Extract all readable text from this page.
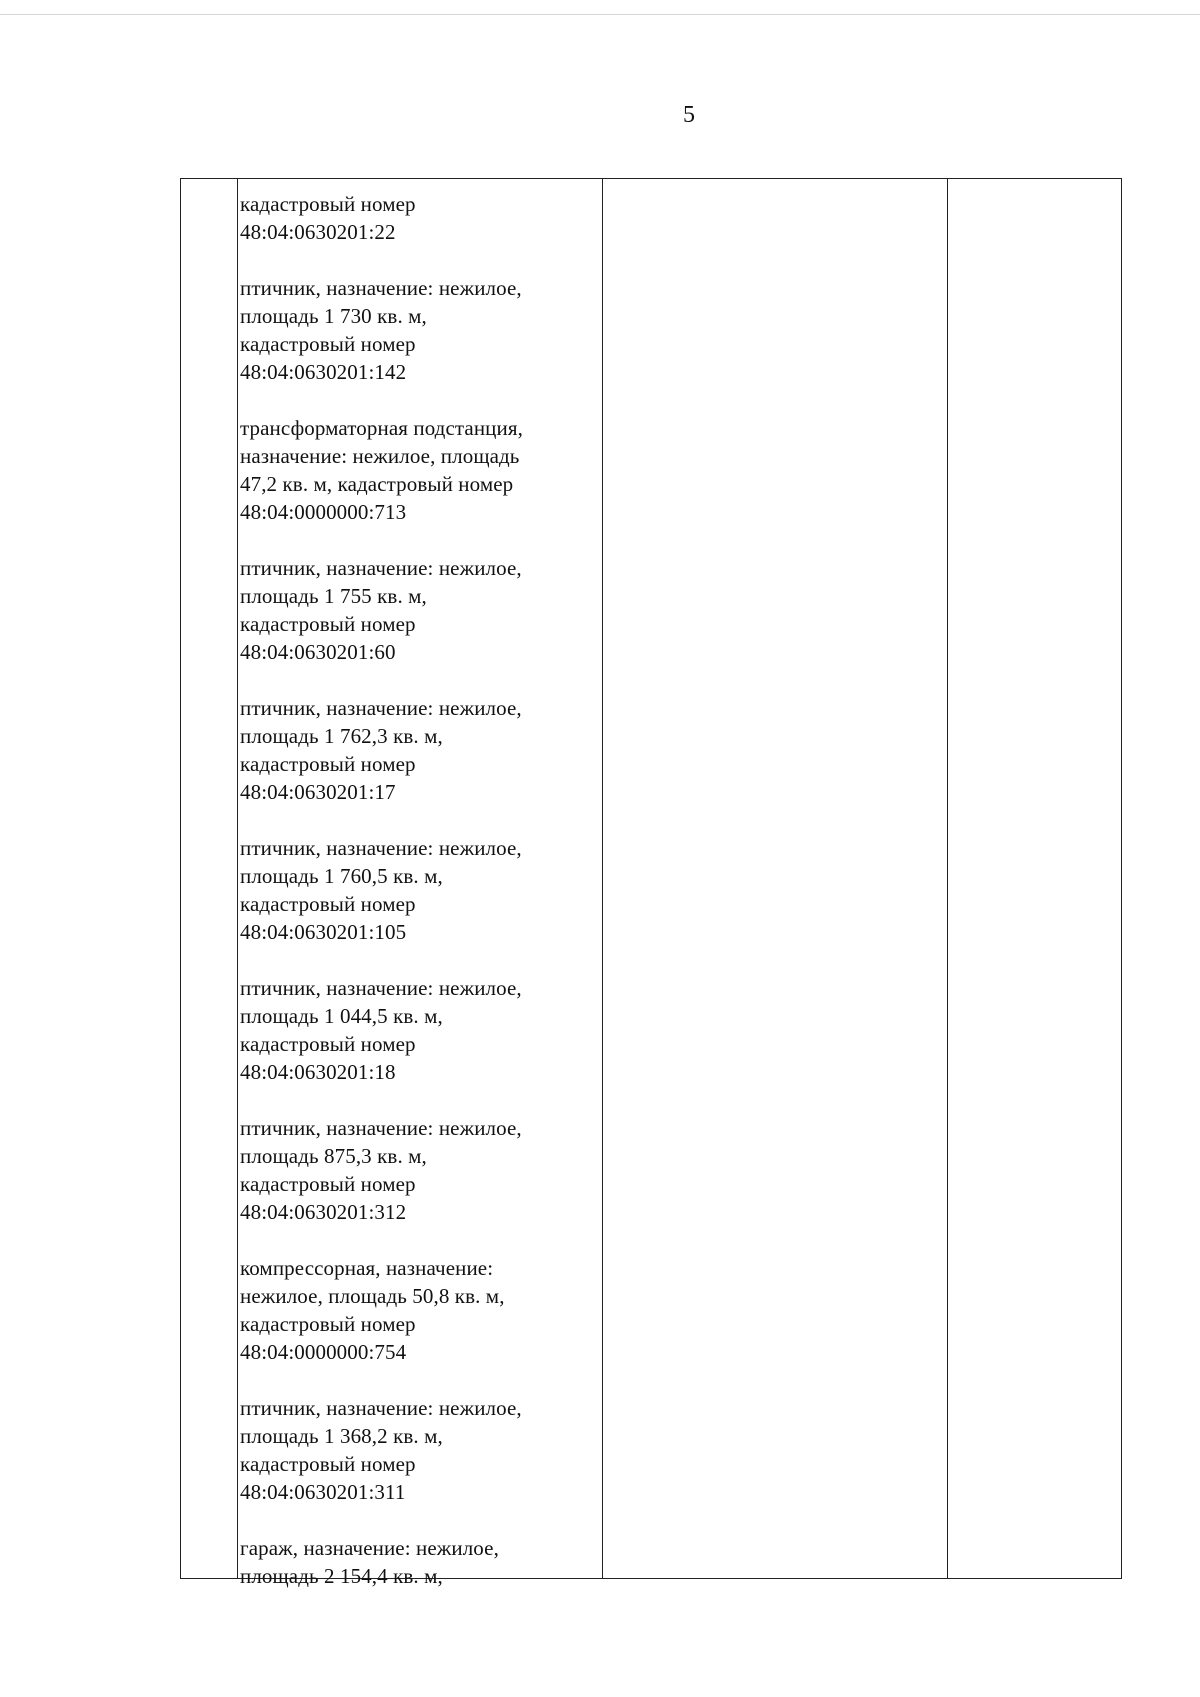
5

кадастровый номер
48:04:0630201:22

птичник, назначение: нежилое,
площадь 1 730 кв. м,
кадастровый номер
48:04:0630201:142

трансформаторная подстанция,
назначение: нежилое, площадь
47,2 кв. м, кадастровый номер
48:04:0000000:713

птичник, назначение: нежилое,
площадь 1 755 кв. м,
кадастровый номер
48:04:0630201:60

птичник, назначение: нежилое,
площадь 1 762,3 кв. м,
кадастровый номер
48:04:0630201:17

птичник, назначение: нежилое,
площадь 1 760,5 кв. м,
кадастровый номер
48:04:0630201:105

птичник, назначение: нежилое,
площадь 1 044,5 кв. м,
кадастровый номер
48:04:0630201:18

птичник, назначение: нежилое,
площадь 875,3 кв. м,
кадастровый номер
48:04:0630201:312

компрессорная, назначение:
нежилое, площадь 50,8 кв. м,
кадастровый номер
48:04:0000000:754

птичник, назначение: нежилое,
площадь 1 368,2 кв. м,
кадастровый номер
48:04:0630201:311

гараж, назначение: нежилое,
площадь 2 154,4 кв. м,
